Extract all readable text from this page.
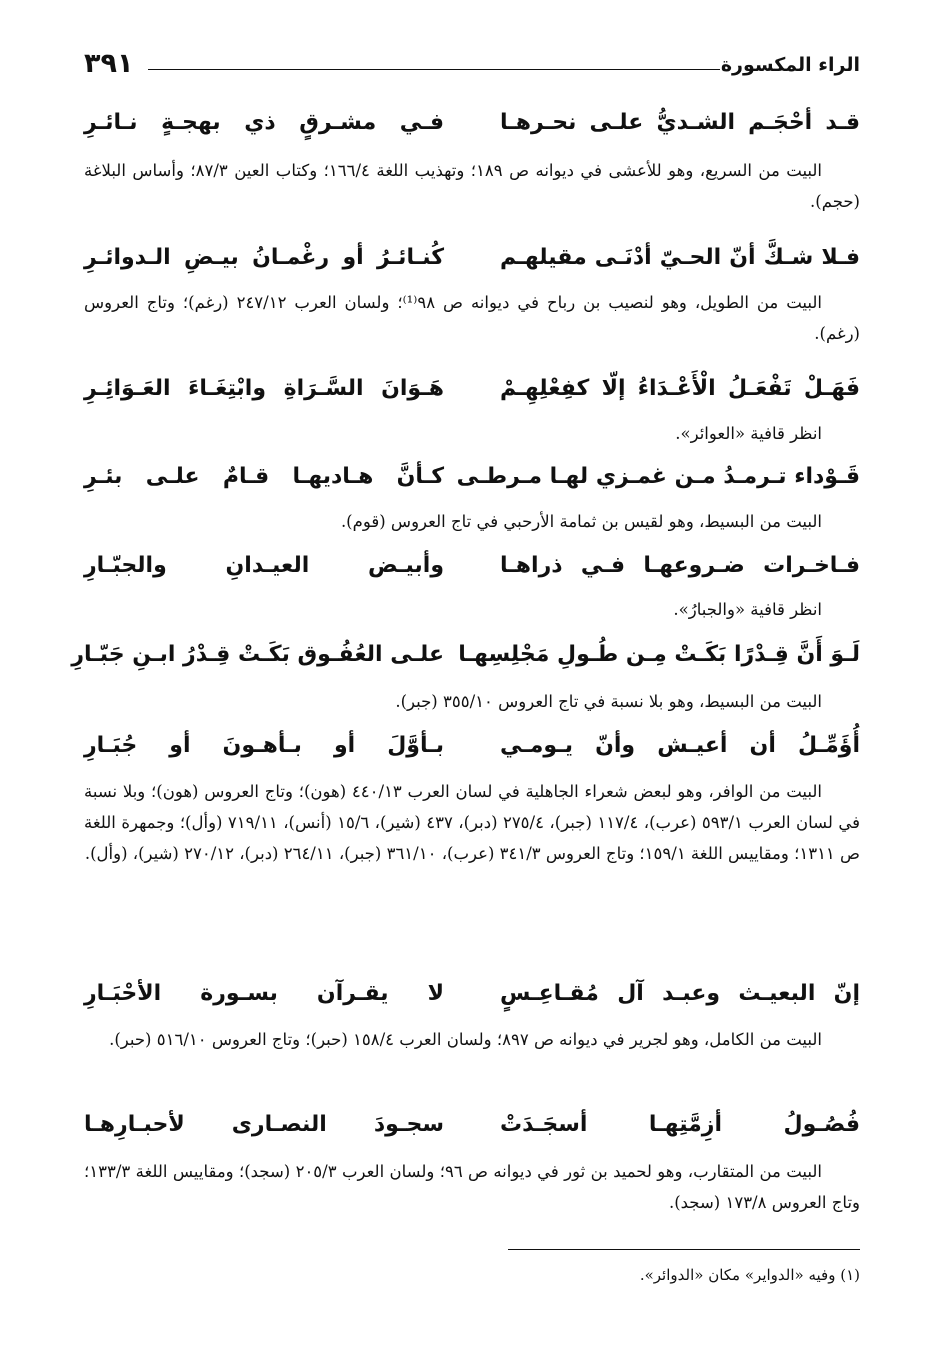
الراء المكسورة
٣٩١
قـد أحْجَـم الشـديُّ علـى نحـرهـا
فـي مشـرقٍ ذي بهجـةٍ نـائـرِ
البيت من السريع، وهو للأعشى في ديوانه ص ١٨٩؛ وتهذيب اللغة ١٦٦/٤؛ وكتاب العين ٨٧/٣؛ وأساس البلاغة (حجم).
فـلا شـكَّ أنّ الحـيّ أدْنَـى مقيلهـم
كُنـائـرُ أو رغْمـانُ بيـضِ الـدوائـرِ
البيت من الطويل، وهو لنصيب بن رباح في ديوانه ص ٩٨⁽¹⁾؛ ولسان العرب ٢٤٧/١٢ (رغم)؛ وتاج العروس (رغم).
فَهَـلْ تَفْعَـلُ الْأَعْـدَاءُ إلّا كفِعْلِهِـمْ
هَـوَانَ السَّـرَاةِ وابْتِغَـاءَ العَـوَائِـرِ
انظر قافية «العوائر».
قَـوْداء تـرمـدُ مـن غمـزي لهـا مـرطـى
كـأنَّ هـاديهـا قـامٌ علـى بئـرِ
البيت من البسيط، وهو لقيس بن ثمامة الأرحبي في تاج العروس (قوم).
فـاخـرات ضـروعهـا فـي ذراهـا
وأبيـض العيـدانِ والجبّـارِ
انظر قافية «والجبارُ».
لَـوَ أَنَّ قِـدْرًا بَكَـتْ مِـن طُـولِ مَجْلِسِهـا
علـى العُفُـوق بَكَـتْ قِـدْرُ ابـنِ جَبّـارِ
البيت من البسيط، وهو بلا نسبة في تاج العروس ٣٥٥/١٠ (جبر).
أُؤَمِّـلُ أن أعيـش وأنّ يـومـي
بـأوَّلَ أو بـأهـونَ أو جُبَـارِ
البيت من الوافر، وهو لبعض شعراء الجاهلية في لسان العرب ٤٤٠/١٣ (هون)؛ وتاج العروس (هون)؛ وبلا نسبة في لسان العرب ٥٩٣/١ (عرب)، ١١٧/٤ (جبر)، ٢٧٥/٤ (دبر)، ٤٣٧ (شير)، ١٥/٦ (أنس)، ٧١٩/١١ (وأل)؛ وجمهرة اللغة ص ١٣١١؛ ومقاييس اللغة ١٥٩/١؛ وتاج العروس ٣٤١/٣ (عرب)، ٣٦١/١٠ (جبر)، ٢٦٤/١١ (دبر)، ٢٧٠/١٢ (شير)، (وأل).
إنّ البعيـث وعبـد آل مُقـاعِـسٍ
لا يقـرآن بسـورة الأحْبَـارِ
البيت من الكامل، وهو لجرير في ديوانه ص ٨٩٧؛ ولسان العرب ١٥٨/٤ (حبر)؛ وتاج العروس ٥١٦/١٠ (حبر).
فُصُـولُ أزِمَّتِهـا أسجَـدَتْ
سجـودَ النصـارى لأحبـارِهـا
البيت من المتقارب، وهو لحميد بن ثور في ديوانه ص ٩٦؛ ولسان العرب ٢٠٥/٣ (سجد)؛ ومقاييس اللغة ١٣٣/٣؛ وتاج العروس ١٧٣/٨ (سجد).
(١) وفيه «الدواير» مكان «الدوائر».
